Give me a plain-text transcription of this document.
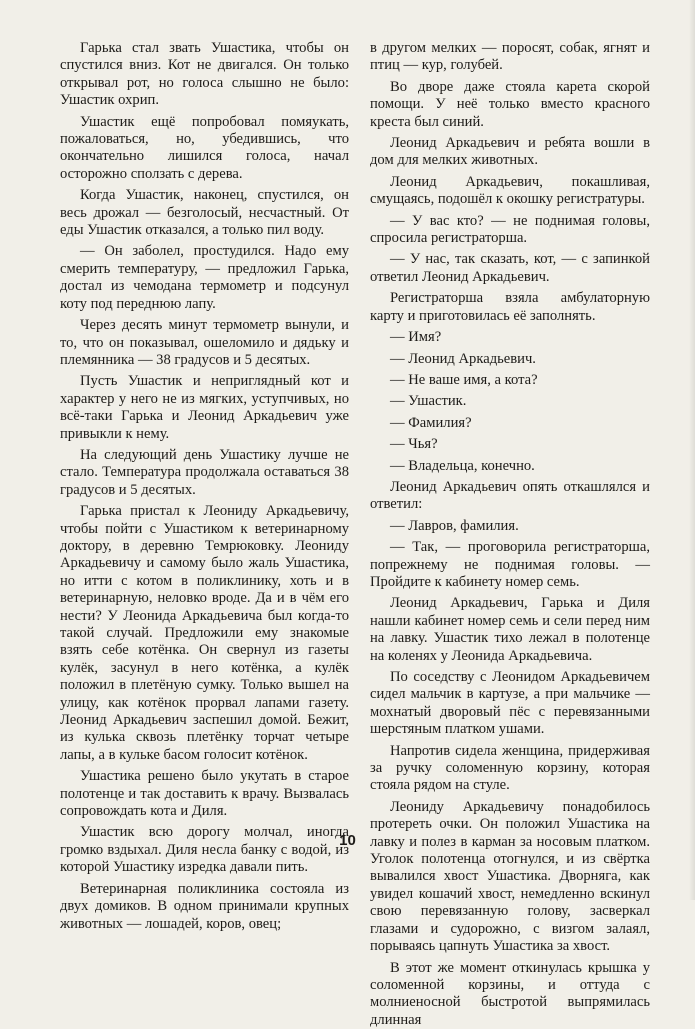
Гарька стал звать Ушастика, чтобы он спустился вниз. Кот не двигался. Он только открывал рот, но голоса слышно не было: Ушастик охрип.

Ушастик ещё попробовал помяукать, пожаловаться, но, убедившись, что окончательно лишился голоса, начал осторожно сползать с дерева.

Когда Ушастик, наконец, спустился, он весь дрожал — безголосый, несчастный. От еды Ушастик отказался, а только пил воду.

— Он заболел, простудился. Надо ему смерить температуру, — предложил Гарька, достал из чемодана термометр и подсунул коту под переднюю лапу.

Через десять минут термометр вынули, и то, что он показывал, ошеломило и дядьку и племянника — 38 градусов и 5 десятых.

Пусть Ушастик и неприглядный кот и характер у него не из мягких, уступчивых, но всё-таки Гарька и Леонид Аркадьевич уже привыкли к нему.

На следующий день Ушастику лучше не стало. Температура продолжала оставаться 38 градусов и 5 десятых.

Гарька пристал к Леониду Аркадьевичу, чтобы пойти с Ушастиком к ветеринарному доктору, в деревню Темрюковку. Леониду Аркадьевичу и самому было жаль Ушастика, но итти с котом в поликлинику, хоть и в ветеринарную, неловко вроде. Да и в чём его нести? У Леонида Аркадьевича был когда-то такой случай. Предложили ему знакомые взять себе котёнка. Он свернул из газеты кулёк, засунул в него котёнка, а кулёк положил в плетёную сумку. Только вышел на улицу, как котёнок прорвал лапами газету. Леонид Аркадьевич заспешил домой. Бежит, из кулька сквозь плетёнку торчат четыре лапы, а в кульке басом голосит котёнок.

Ушастика решено было укутать в старое полотенце и так доставить к врачу. Вызвалась сопровождать кота и Диля.

Ушастик всю дорогу молчал, иногда громко вздыхал. Диля несла банку с водой, из которой Ушастику изредка давали пить.

Ветеринарная поликлиника состояла из двух домиков. В одном принимали крупных животных — лошадей, коров, овец;

в другом мелких — поросят, собак, ягнят и птиц — кур, голубей.

Во дворе даже стояла карета скорой помощи. У неё только вместо красного креста был синий.

Леонид Аркадьевич и ребята вошли в дом для мелких животных.

Леонид Аркадьевич, покашливая, смущаясь, подошёл к окошку регистратуры.

— У вас кто? — не поднимая головы, спросила регистраторша.

— У нас, так сказать, кот, — с запинкой ответил Леонид Аркадьевич.

Регистраторша взяла амбулаторную карту и приготовилась её заполнять.

— Имя?

— Леонид Аркадьевич.

— Не ваше имя, а кота?

— Ушастик.

— Фамилия?

— Чья?

— Владельца, конечно.

Леонид Аркадьевич опять откашлялся и ответил:

— Лавров, фамилия.

— Так, — проговорила регистраторша, попрежнему не поднимая головы. — Пройдите к кабинету номер семь.

Леонид Аркадьевич, Гарька и Диля нашли кабинет номер семь и сели перед ним на лавку. Ушастик тихо лежал в полотенце на коленях у Леонида Аркадьевича.

По соседству с Леонидом Аркадьевичем сидел мальчик в картузе, а при мальчике — мохнатый дворовый пёс с перевязанными шерстяным платком ушами.

Напротив сидела женщина, придерживая за ручку соломенную корзину, которая стояла рядом на стуле.

Леониду Аркадьевичу понадобилось протереть очки. Он положил Ушастика на лавку и полез в карман за носовым платком. Уголок полотенца отогнулся, и из свёртка вывалился хвост Ушастика. Дворняга, как увидел кошачий хвост, немедленно вскинул свою перевязанную голову, засверкал глазами и судорожно, с визгом залаял, порываясь цапнуть Ушастика за хвост.

В этот же момент откинулась крышка у соломенной корзины, и оттуда с молниеносной быстротой выпрямилась длинная

10
